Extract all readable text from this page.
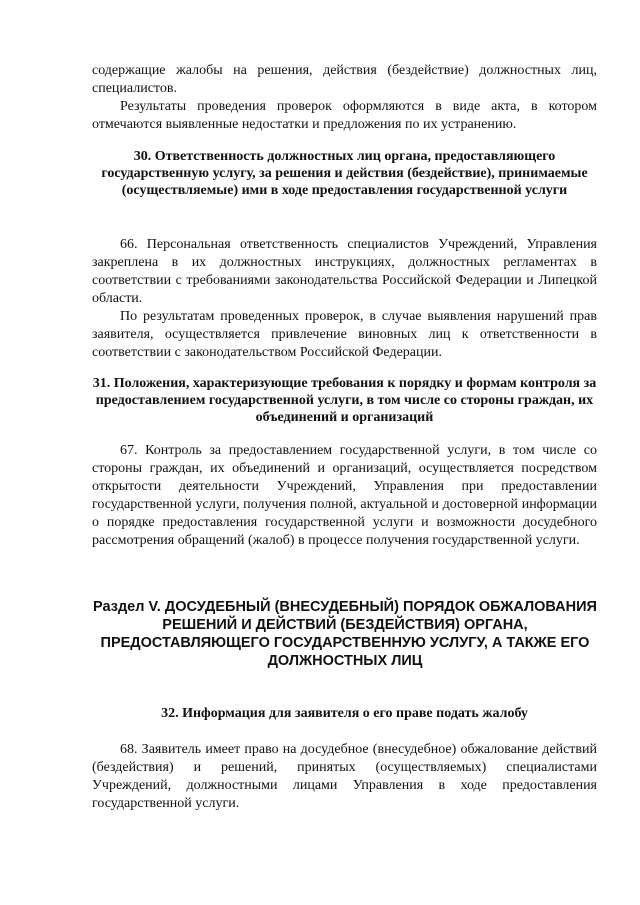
содержащие жалобы на решения, действия (бездействие) должностных лиц, специалистов.

Результаты проведения проверок оформляются в виде акта, в котором отмечаются выявленные недостатки и предложения по их устранению.

30. Ответственность должностных лиц органа, предоставляющего государственную услугу, за решения и действия (бездействие), принимаемые (осуществляемые) ими в ходе предоставления государственной услуги

66. Персональная ответственность специалистов Учреждений, Управления закреплена в их должностных инструкциях, должностных регламентах в соответствии с требованиями законодательства Российской Федерации и Липецкой области.

По результатам проведенных проверок, в случае выявления нарушений прав заявителя, осуществляется привлечение виновных лиц к ответственности в соответствии с законодательством Российской Федерации.

31. Положения, характеризующие требования к порядку и формам контроля за предоставлением государственной услуги, в том числе со стороны граждан, их объединений и организаций

67. Контроль за предоставлением государственной услуги, в том числе со стороны граждан, их объединений и организаций, осуществляется посредством открытости деятельности Учреждений, Управления при предоставлении государственной услуги, получения полной, актуальной и достоверной информации о порядке предоставления государственной услуги и возможности досудебного рассмотрения обращений (жалоб) в процессе получения государственной услуги.

Раздел V. ДОСУДЕБНЫЙ (ВНЕСУДЕБНЫЙ) ПОРЯДОК ОБЖАЛОВАНИЯ РЕШЕНИЙ И ДЕЙСТВИЙ (БЕЗДЕЙСТВИЯ) ОРГАНА, ПРЕДОСТАВЛЯЮЩЕГО ГОСУДАРСТВЕННУЮ УСЛУГУ, А ТАКЖЕ ЕГО ДОЛЖНОСТНЫХ ЛИЦ
32. Информация для заявителя о его праве подать жалобу

68. Заявитель имеет право на досудебное (внесудебное) обжалование действий (бездействия) и решений, принятых (осуществляемых) специалистами Учреждений, должностными лицами Управления в ходе предоставления государственной услуги.
